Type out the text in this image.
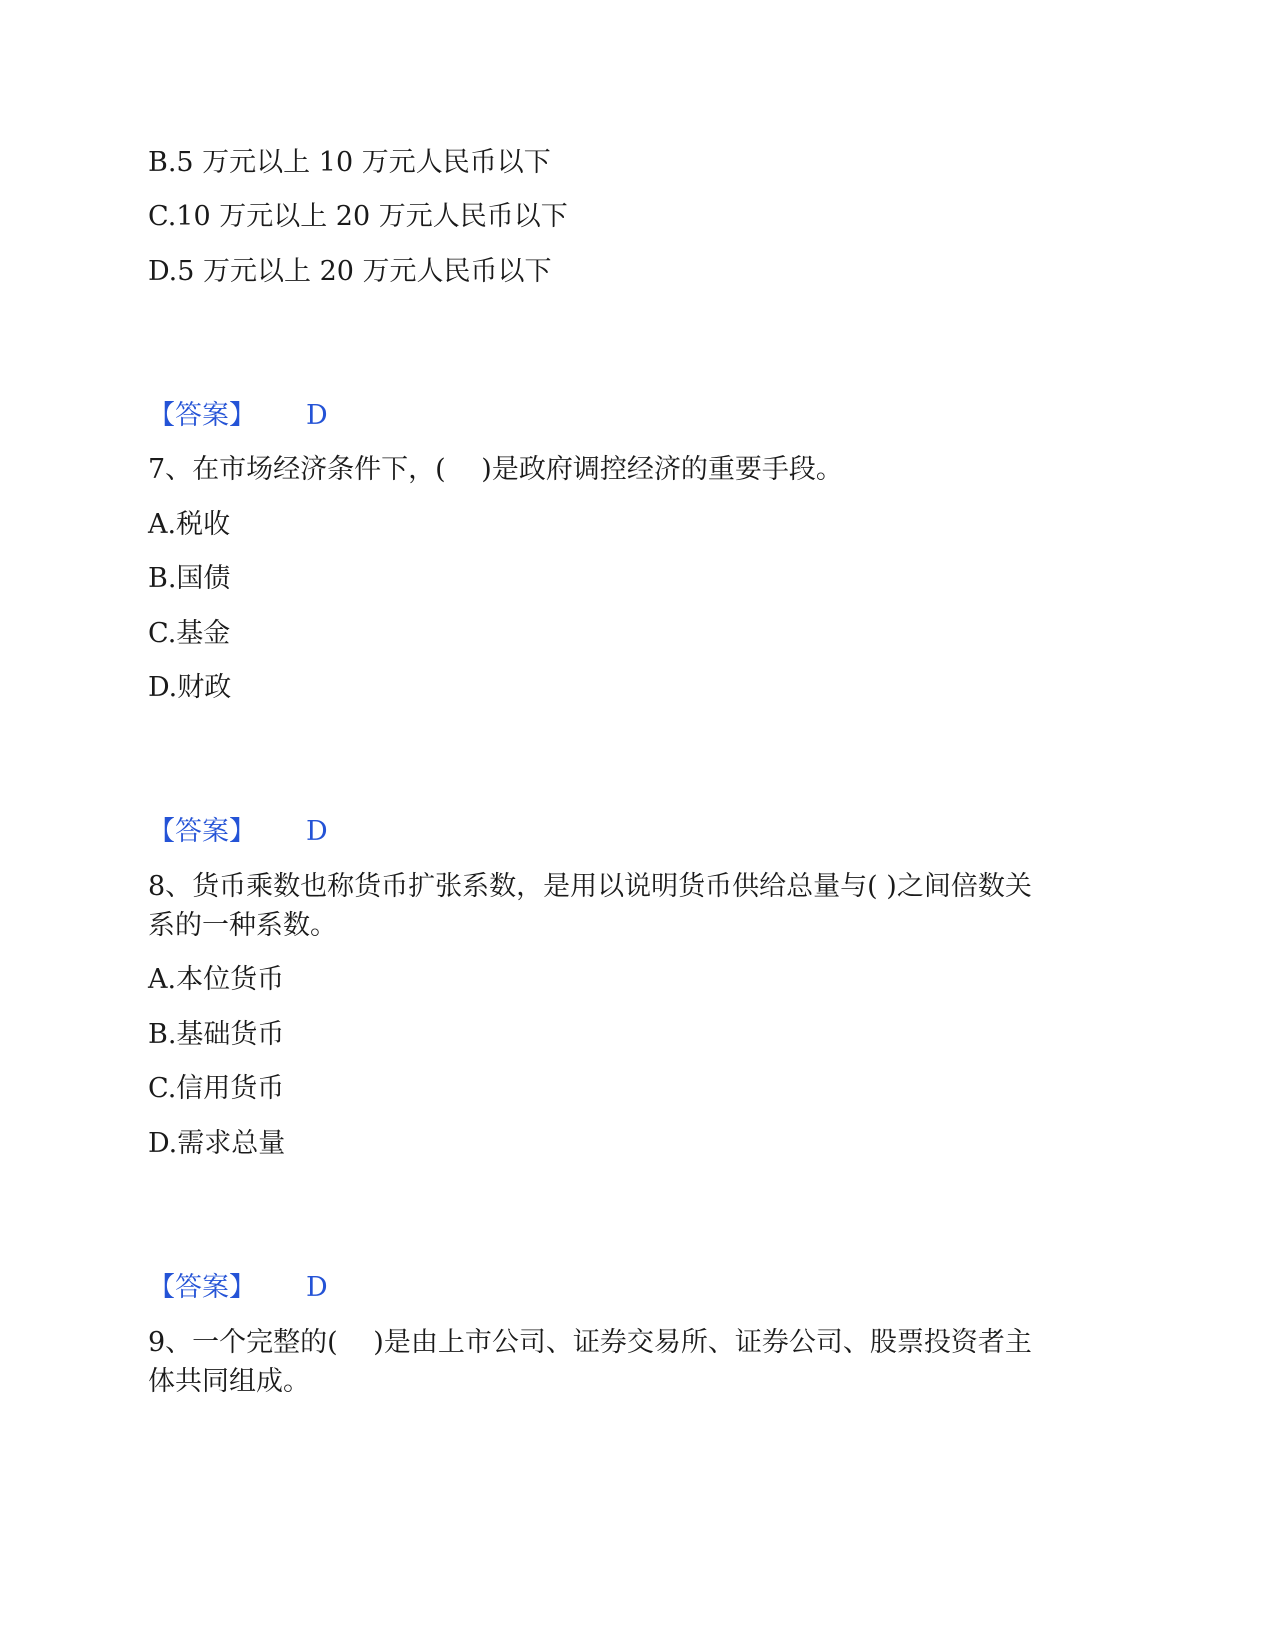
B.5 万元以上 10 万元人民币以下
C.10 万元以上 20 万元人民币以下
D.5 万元以上 20 万元人民币以下
【答案】 D
7、在市场经济条件下，(　 )是政府调控经济的重要手段。
A.税收
B.国债
C.基金
D.财政
【答案】 D
8、货币乘数也称货币扩张系数，是用以说明货币供给总量与( )之间倍数关
系的一种系数。
A.本位货币
B.基础货币
C.信用货币
D.需求总量
【答案】 D
9、一个完整的(　 )是由上市公司、证券交易所、证券公司、股票投资者主
体共同组成。
